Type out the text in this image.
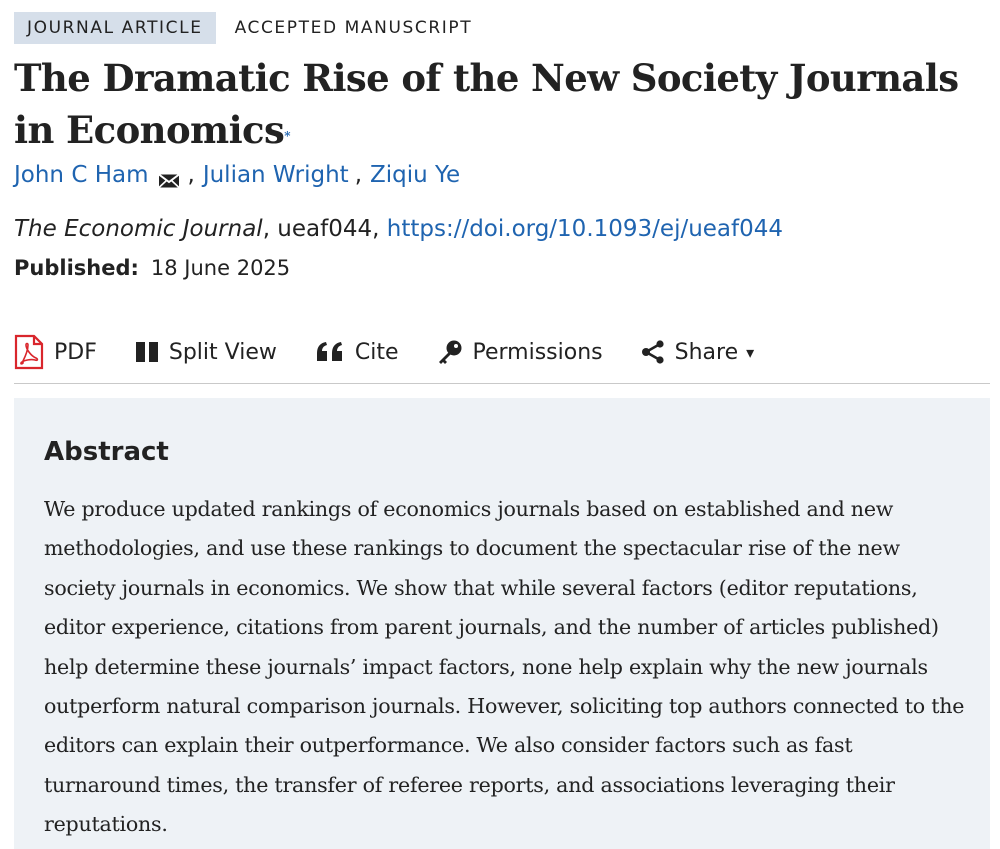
JOURNAL ARTICLE	ACCEPTED MANUSCRIPT
The Dramatic Rise of the New Society Journals in Economics*
John C Ham , Julian Wright , Ziqiu Ye
The Economic Journal, ueaf044, https://doi.org/10.1093/ej/ueaf044
Published: 18 June 2025
PDF	Split View	Cite	Permissions	Share ▾
Abstract

We produce updated rankings of economics journals based on established and new methodologies, and use these rankings to document the spectacular rise of the new society journals in economics. We show that while several factors (editor reputations, editor experience, citations from parent journals, and the number of articles published) help determine these journals’ impact factors, none help explain why the new journals outperform natural comparison journals. However, soliciting top authors connected to the editors can explain their outperformance. We also consider factors such as fast turnaround times, the transfer of referee reports, and associations leveraging their reputations.
